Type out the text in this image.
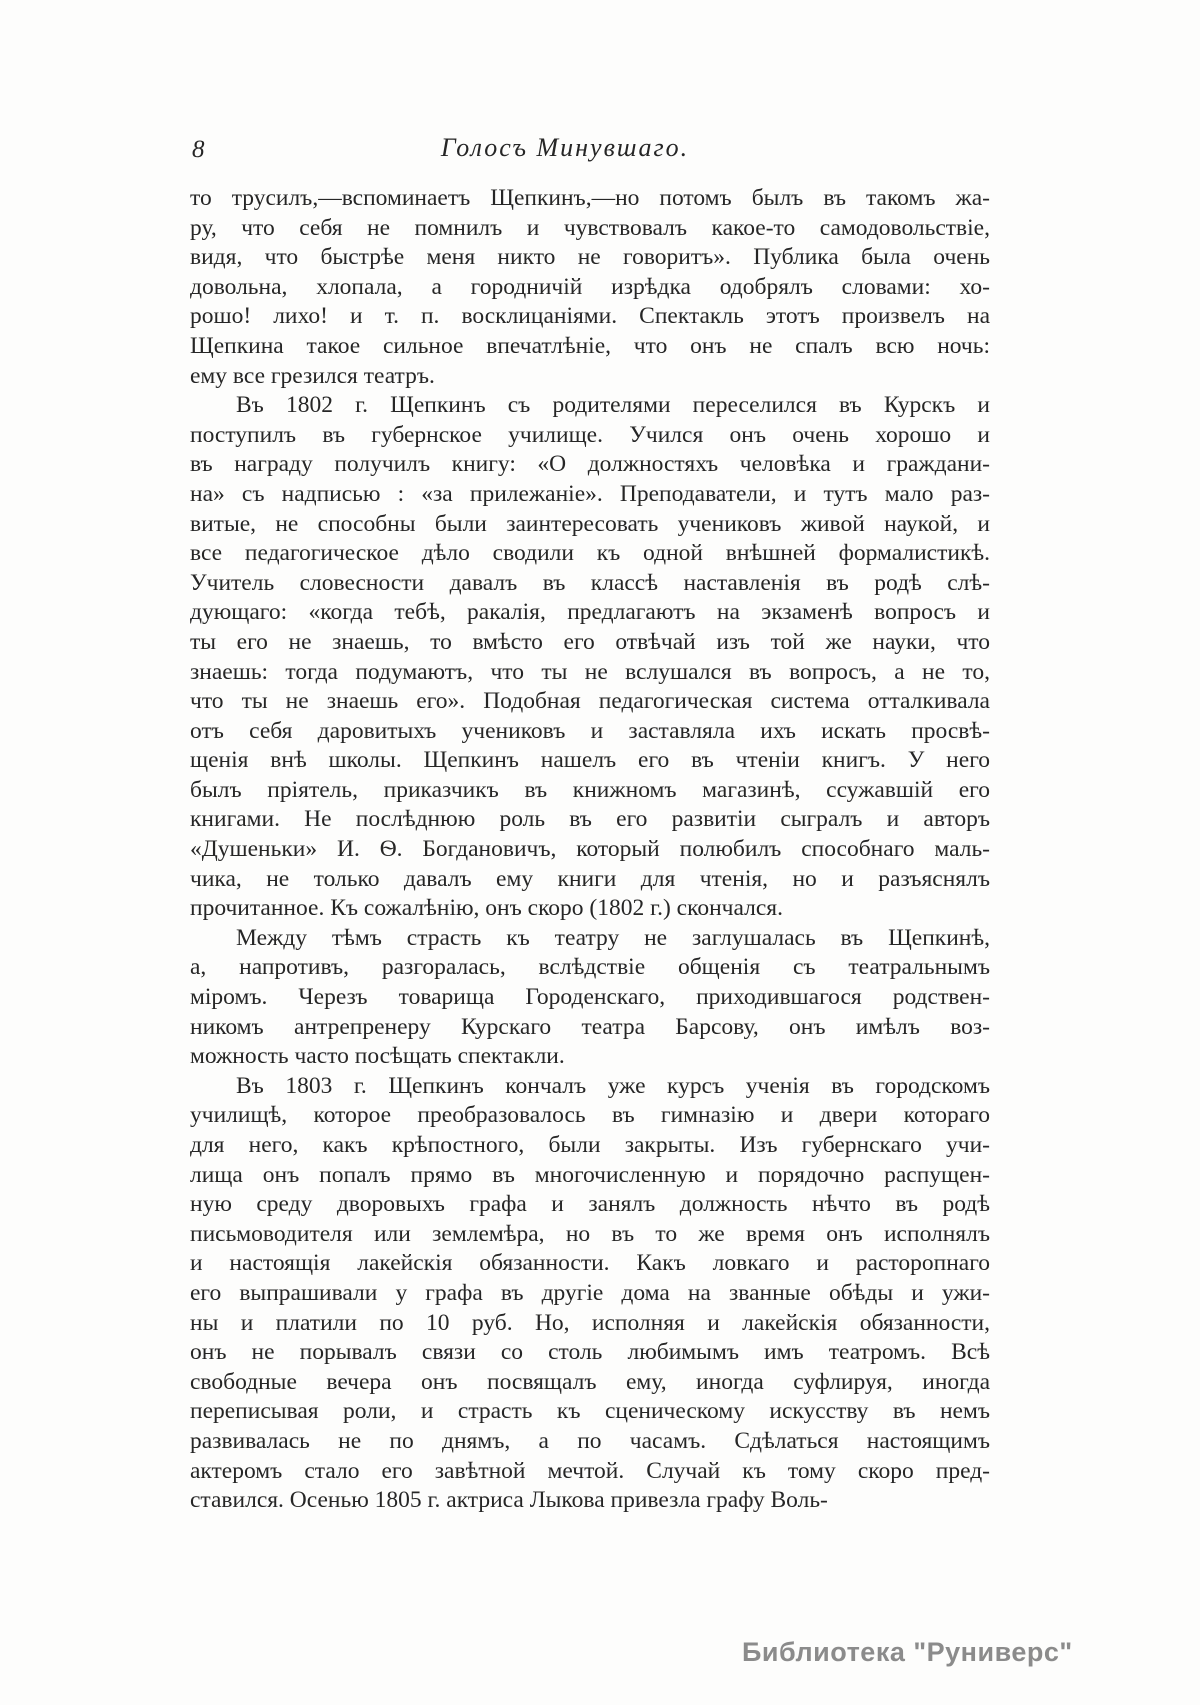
8	Голосъ Минувшаго.
то трусилъ,—вспоминаетъ Щепкинъ,—но потомъ былъ въ такомъ жа-
ру, что себя не помнилъ и чувствовалъ какое-то самодовольствіе,
видя, что быстрѣе меня никто не говоритъ». Публика была очень
довольна, хлопала, а городничій изрѣдка одобрялъ словами: хо-
рошо! лихо! и т. п. восклицаніями. Спектакль этотъ произвелъ на
Щепкина такое сильное впечатлѣніе, что онъ не спалъ всю ночь:
ему все грезился театръ.
Въ 1802 г. Щепкинъ съ родителями переселился въ Курскъ и
поступилъ въ губернское училище. Учился онъ очень хорошо и
въ награду получилъ книгу: «О должностяхъ человѣка и граждани-
на» съ надписью : «за прилежаніе». Преподаватели, и тутъ мало раз-
витые, не способны были заинтересовать учениковъ живой наукой, и
все педагогическое дѣло сводили къ одной внѣшней формалистикѣ.
Учитель словесности давалъ въ классѣ наставленія въ родѣ слѣ-
дующаго: «когда тебѣ, ракалія, предлагаютъ на экзаменѣ вопросъ и
ты его не знаешь, то вмѣсто его отвѣчай изъ той же науки, что
знаешь: тогда подумаютъ, что ты не вслушался въ вопросъ, а не то,
что ты не знаешь его». Подобная педагогическая система отталкивала
отъ себя даровитыхъ учениковъ и заставляла ихъ искать просвѣ-
щенія внѣ школы. Щепкинъ нашелъ его въ чтеніи книгъ. У него
былъ пріятель, приказчикъ въ книжномъ магазинѣ, ссужавшій его
книгами. Не послѣднюю роль въ его развитіи сыгралъ и авторъ
«Душеньки» И. Ѳ. Богдановичъ, который полюбилъ способнаго маль-
чика, не только давалъ ему книги для чтенія, но и разъяснялъ
прочитанное. Къ сожалѣнію, онъ скоро (1802 г.) скончался.
Между тѣмъ страсть къ театру не заглушалась въ Щепкинѣ,
а, напротивъ, разгоралась, вслѣдствіе общенія съ театральнымъ
міромъ. Черезъ товарища Городенскаго, приходившагося родствен-
никомъ антрепренеру Курскаго театра Барсову, онъ имѣлъ воз-
можность часто посѣщать спектакли.
Въ 1803 г. Щепкинъ кончалъ уже курсъ ученія въ городскомъ
училищѣ, которое преобразовалось въ гимназію и двери котораго
для него, какъ крѣпостного, были закрыты. Изъ губернскаго учи-
лища онъ попалъ прямо въ многочисленную и порядочно распущен-
ную среду дворовыхъ графа и занялъ должность нѣчто въ родѣ
письмоводителя или землемѣра, но въ то же время онъ исполнялъ
и настоящія лакейскія обязанности. Какъ ловкаго и расторопнаго
его выпрашивали у графа въ другіе дома на званные обѣды и ужи-
ны и платили по 10 руб. Но, исполняя и лакейскія обязанности,
онъ не порывалъ связи со столь любимымъ имъ театромъ. Всѣ
свободные вечера онъ посвящалъ ему, иногда суфлируя, иногда
переписывая роли, и страсть къ сценическому искусству въ немъ
развивалась не по днямъ, а по часамъ. Сдѣлаться настоящимъ
актеромъ стало его завѣтной мечтой. Случай къ тому скоро пред-
ставился. Осенью 1805 г. актриса Лыкова привезла графу Воль-
Библиотека "Руниверс"
